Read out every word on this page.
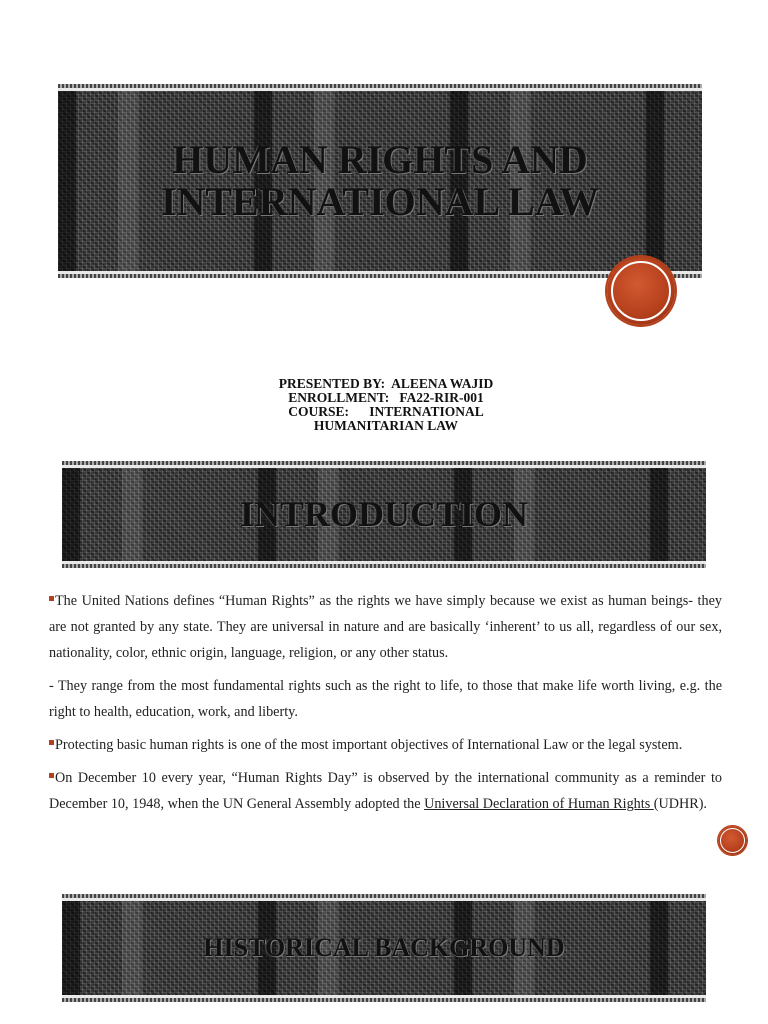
HUMAN RIGHTS AND
INTERNATIONAL LAW
PRESENTED BY:  ALEENA WAJID
ENROLLMENT:   FA22-RIR-001
COURSE:      INTERNATIONAL
HUMANITARIAN LAW
INTRODUCTION

The United Nations defines “Human Rights” as the rights we have simply because we exist as human beings- they are not granted by any state. They are universal in nature and are basically ‘inherent’ to us all, regardless of our sex, nationality, color, ethnic origin, language, religion, or any other status.

- They range from the most fundamental rights such as the right to life, to those that make life worth living, e.g. the right to health, education, work, and liberty.

Protecting basic human rights is one of the most important objectives of International Law or the legal system.

On December 10 every year, “Human Rights Day” is observed by the international community as a reminder to December 10, 1948, when the UN General Assembly adopted the Universal Declaration of Human Rights (UDHR).

HISTORICAL BACKGROUND
